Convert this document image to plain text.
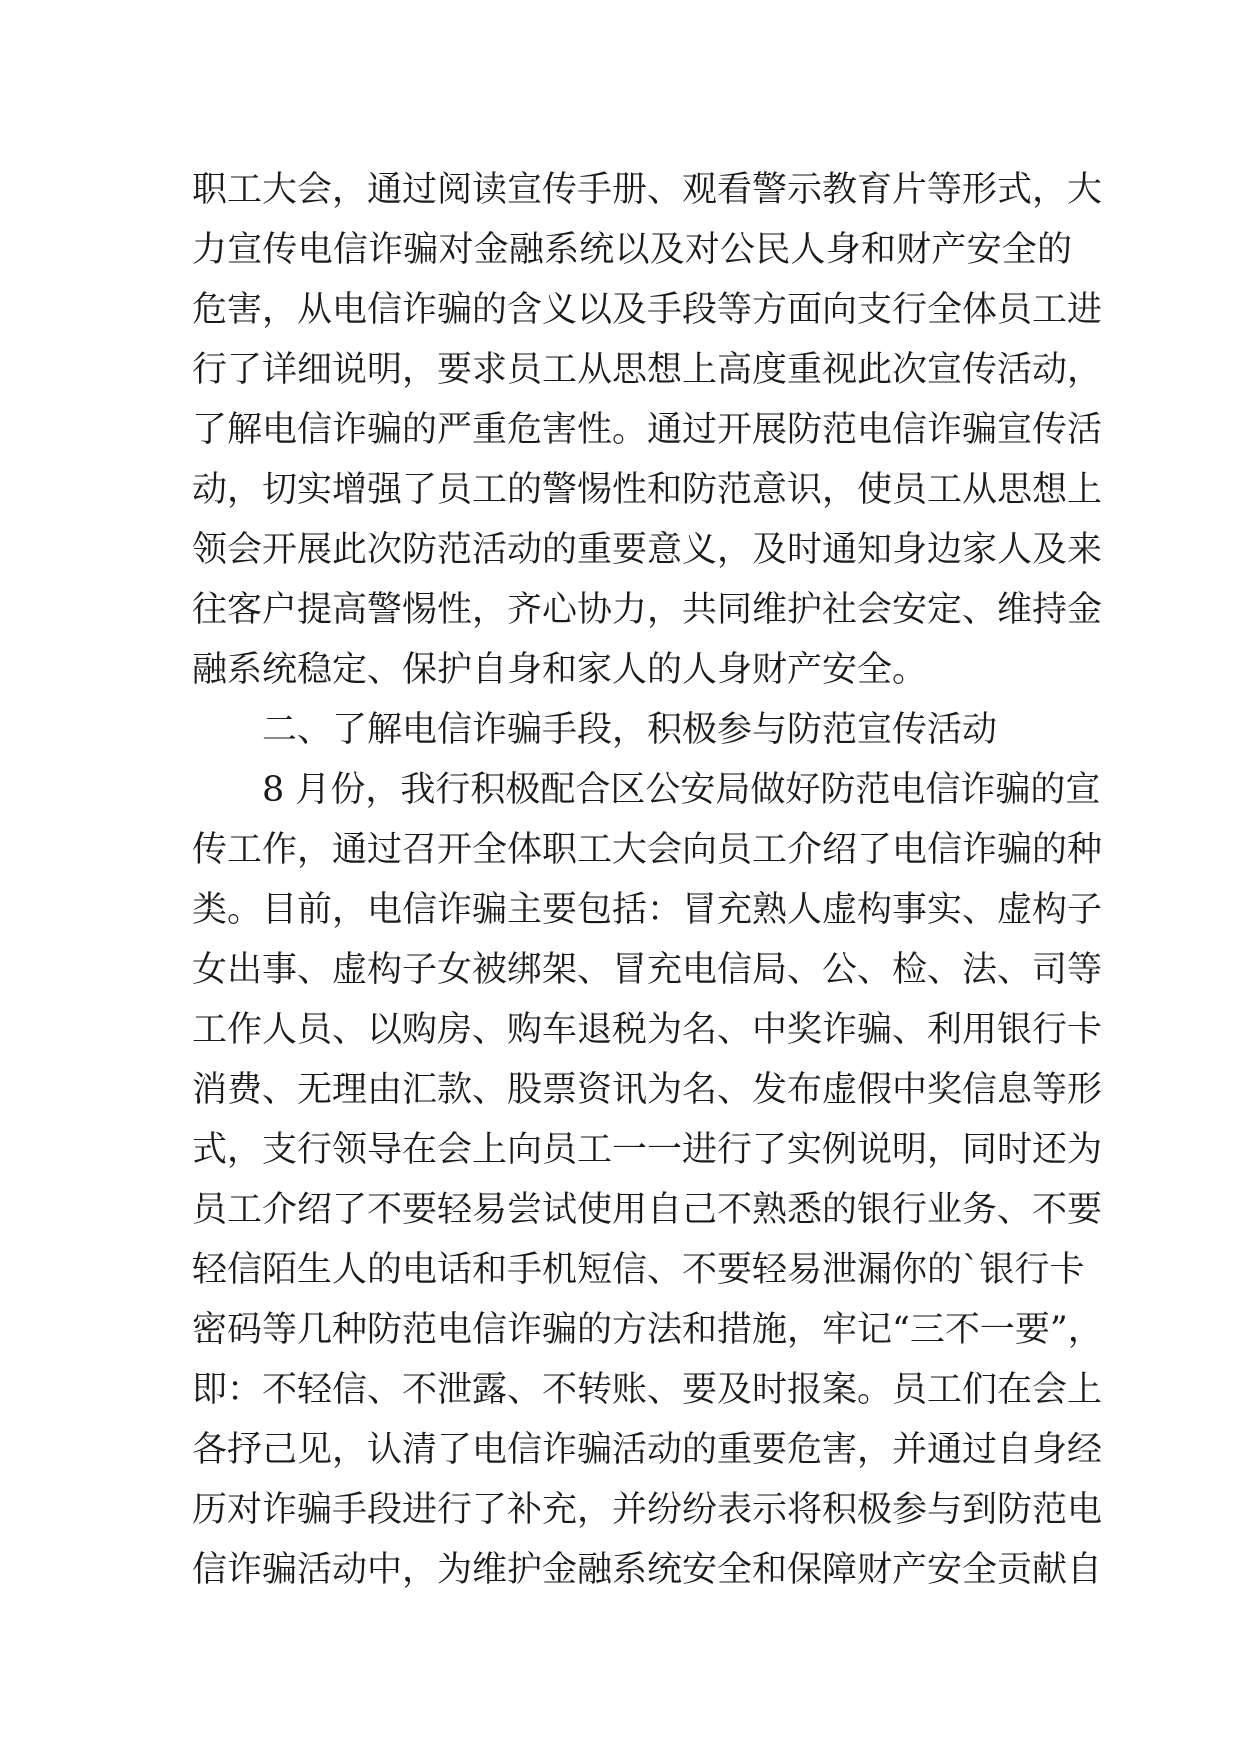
职工大会，通过阅读宣传手册、观看警示教育片等形式，大
力宣传电信诈骗对金融系统以及对公民人身和财产安全的
危害，从电信诈骗的含义以及手段等方面向支行全体员工进
行了详细说明，要求员工从思想上高度重视此次宣传活动，
了解电信诈骗的严重危害性。通过开展防范电信诈骗宣传活
动，切实增强了员工的警惕性和防范意识，使员工从思想上
领会开展此次防范活动的重要意义，及时通知身边家人及来
往客户提高警惕性，齐心协力，共同维护社会安定、维持金
融系统稳定、保护自身和家人的人身财产安全。
二、了解电信诈骗手段，积极参与防范宣传活动
8 月份，我行积极配合区公安局做好防范电信诈骗的宣
传工作，通过召开全体职工大会向员工介绍了电信诈骗的种
类。目前，电信诈骗主要包括：冒充熟人虚构事实、虚构子
女出事、虚构子女被绑架、冒充电信局、公、检、法、司等
工作人员、以购房、购车退税为名、中奖诈骗、利用银行卡
消费、无理由汇款、股票资讯为名、发布虚假中奖信息等形
式，支行领导在会上向员工一一进行了实例说明，同时还为
员工介绍了不要轻易尝试使用自己不熟悉的银行业务、不要
轻信陌生人的电话和手机短信、不要轻易泄漏你的`银行卡
密码等几种防范电信诈骗的方法和措施，牢记“三不一要”，
即：不轻信、不泄露、不转账、要及时报案。员工们在会上
各抒己见，认清了电信诈骗活动的重要危害，并通过自身经
历对诈骗手段进行了补充，并纷纷表示将积极参与到防范电
信诈骗活动中，为维护金融系统安全和保障财产安全贡献自
